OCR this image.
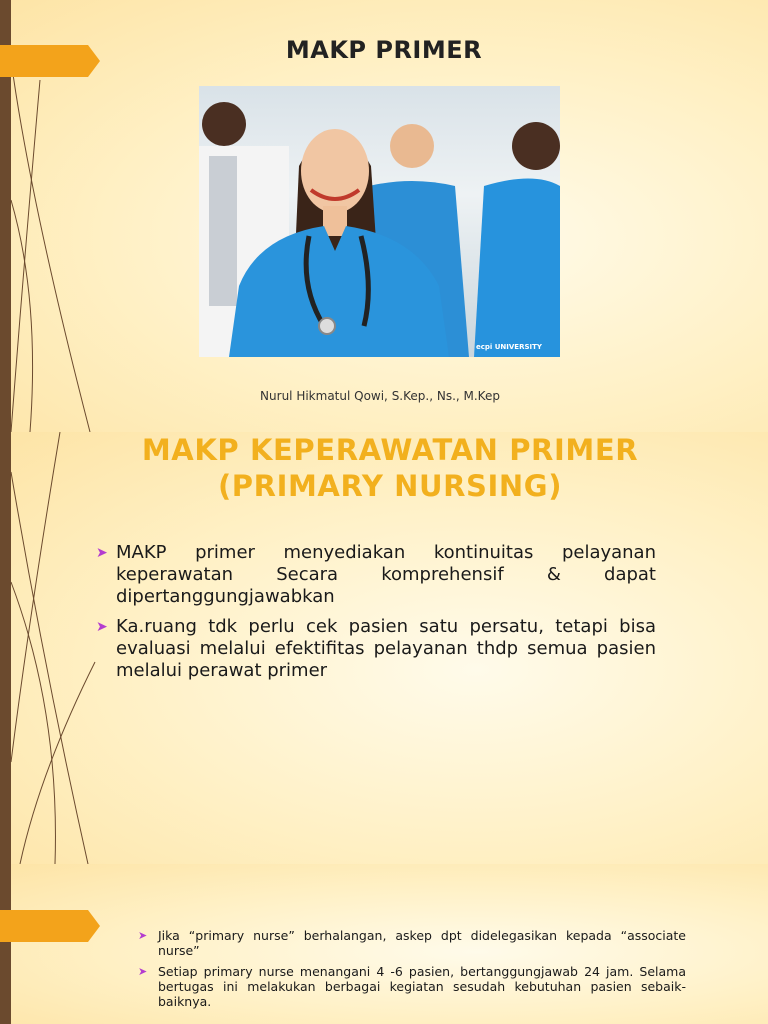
MAKP PRIMER
ecpi UNIVERSITY
Nurul Hikmatul Qowi, S.Kep., Ns., M.Kep
MAKP KEPERAWATAN PRIMER
(PRIMARY NURSING)
➤ MAKP primer menyediakan kontinuitas pelayanan keperawatan Secara komprehensif & dapat dipertanggungjawabkan
➤ Ka.ruang tdk perlu cek pasien satu persatu, tetapi bisa evaluasi melalui efektifitas pelayanan thdp semua pasien melalui perawat primer
➤ Jika “primary nurse” berhalangan, askep dpt didelegasikan kepada “associate nurse”
➤ Setiap primary nurse menangani 4 -6 pasien, bertanggungjawab 24 jam. Selama bertugas ini melakukan berbagai kegiatan sesudah kebutuhan pasien sebaik-baiknya.
